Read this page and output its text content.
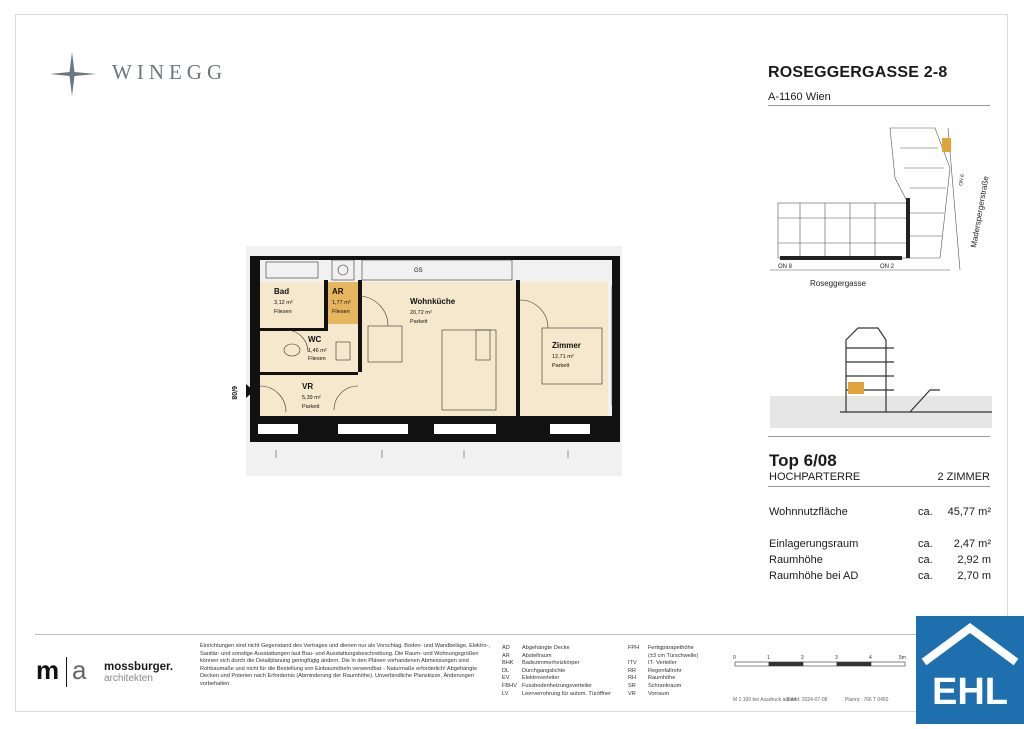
WINEGG	ROSEGGERGASSE 2-8
A-1160 Wien
ON 8	ON 2
Roseggergasse
Maderspergerstraße
ON 6
6/08
Bad
3,12 m²
Fliesen
AR
1,77 m²
Fliesen
WC
1,46 m²
Fliesen
VR
5,39 m²
Parkett
Wohnküche
20,72 m²
Parkett
Zimmer
12,71 m²
Parkett
GS
Top 6/08
HOCHPARTERRE	2 ZIMMER
Wohnnutzfläche	ca. 45,77 m²
Einlagerungsraum	ca. 2,47 m²
Raumhöhe	ca. 2,92 m
Raumhöhe bei AD	ca. 2,70 m
m a mossburger.
architekten
Einrichtungen sind nicht Gegenstand des Vertrages und dienen nur als Vorschlag. Boden- und Wandbeläge, Elektro-, Sanitär- und sonstige Ausstattungen laut Bau- und Ausstattungsbeschreibung. Die Raum- und Wohnungsgrößen können sich durch die Detailplanung geringfügig ändern. Die in den Plänen vorhandenen Abmessungen sind Rohbaumaße und nicht für die Bestellung von Einbaumöbeln verwendbar - Naturmaße erforderlich! Abgehängte Decken und Poterien nach Erfordernis (Abminderung der Raumhöhe). Unverbindliche Planskizze, Änderungen vorbehalten.
AD Abgehängte Decke
AR Abstellraum
BHK Badezimmerheizkörper
DL Durchgangslichte
EV Elektroverteiler
FBHV Fussbodenheizungsverteiler
LV Leerverrohrung für autom. Türöffner
FPH Fertigparapethöhe
(±3 cm Türschwelle)
ITV IT- Verteiler
RR Regenfallrohr
RH Raumhöhe
SR Schrankraum
VR Vorraum
0	1	2	3	4	5m
M 1:100 bei Ausdruck auf A4
Stand: 2024-07-08	Plannr.: 766 T 0450 EHL
